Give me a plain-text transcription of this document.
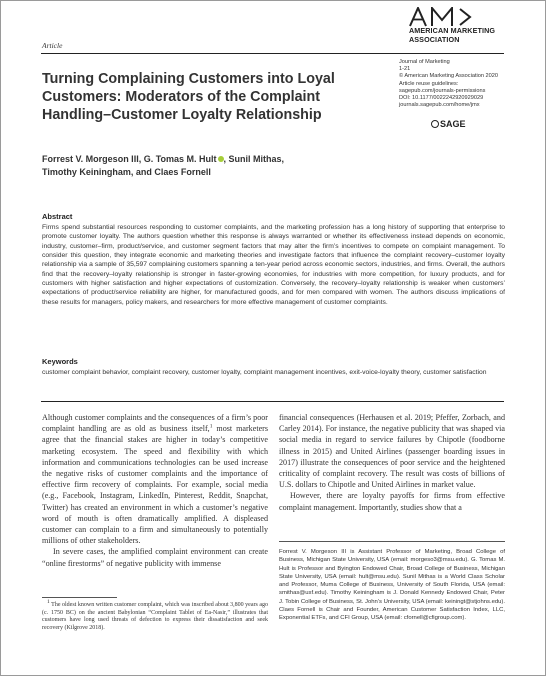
AMERICAN MARKETING
ASSOCIATION
Article
Journal of Marketing
1-21
© American Marketing Association 2020
Article reuse guidelines:
sagepub.com/journals-permissions
DOI: 10.1177/0022242920929029
journals.sagepub.com/home/jmx
SAGE
Turning Complaining Customers into Loyal Customers: Moderators of the Complaint Handling–Customer Loyalty Relationship
Forrest V. Morgeson III, G. Tomas M. Hult , Sunil Mithas,
Timothy Keiningham, and Claes Fornell
Abstract
Firms spend substantial resources responding to customer complaints, and the marketing profession has a long history of supporting that enterprise to promote customer loyalty. The authors question whether this response is always warranted or whether its effectiveness instead depends on economic, industry, customer–firm, product/service, and customer segment factors that may alter the firm’s incentives to compete on complaint management. To consider this question, they integrate economic and marketing theories and investigate factors that influence the complaint recovery–customer loyalty relationship via a sample of 35,597 complaining customers spanning a ten-year period across economic sectors, industries, and firms. Overall, the authors find that the recovery–loyalty relationship is stronger in faster-growing economies, for industries with more competition, for luxury products, and for customers with higher satisfaction and higher expectations of customization. Conversely, the recovery–loyalty relationship is weaker when customers’ expectations of product/service reliability are higher, for manufactured goods, and for men compared with women. The authors discuss implications of these results for managers, policy makers, and researchers for more effective management of customer complaints.
Keywords
customer complaint behavior, complaint recovery, customer loyalty, complaint management incentives, exit-voice-loyalty theory, customer satisfaction

Although customer complaints and the consequences of a firm’s poor complaint handling are as old as business itself,$^1$ most marketers agree that the financial stakes are higher in today’s competitive marketing ecosystem. The speed and flexibility with which information and communications technologies can be used increase the negative risks of customer complaints and the importance of effective firm recovery of complaints. For example, social media (e.g., Facebook, Instagram, LinkedIn, Pinterest, Reddit, Snapchat, Twitter) has created an environment in which a customer’s negative word of mouth is often dramatically amplified. A displeased customer can complain to a firm and simultaneously to potentially millions of other stakeholders.

In severe cases, the amplified complaint environment can create “online firestorms” of negative publicity with immense

financial consequences (Herhausen et al. 2019; Pfeffer, Zorbach, and Carley 2014). For instance, the negative publicity that was shaped via social media in regard to service failures by Chipotle (foodborne illness in 2015) and United Airlines (passenger boarding issues in 2017) illustrate the consequences of poor service and the heightened criticality of complaint recovery. The result was costs of billions of U.S. dollars to Chipotle and United Airlines in market value.

However, there are loyalty payoffs for firms from effective complaint management. Importantly, studies show that a

$^1$ The oldest known written customer complaint, which was inscribed about 3,800 years ago (c. 1750 BC) on the ancient Babylonian “Complaint Tablet of Ea-Nasir,” illustrates that customers have long used threats of defection to express their dissatisfaction and seek recovery (Kilgrove 2018).

Forrest V. Morgeson III is Assistant Professor of Marketing, Broad College of Business, Michigan State University, USA (email: morgeso3@msu.edu). G. Tomas M. Hult is Professor and Byington Endowed Chair, Broad College of Business, Michigan State University, USA (email: hult@msu.edu). Sunil Mithas is a World Class Scholar and Professor, Muma College of Business, University of South Florida, USA (email: smithas@usf.edu). Timothy Keiningham is J. Donald Kennedy Endowed Chair, Peter J. Tobin College of Business, St. John’s University, USA (email: keiningt@stjohns.edu). Claes Fornell is Chair and Founder, American Customer Satisfaction Index, LLC, Exponential ETFs, and CFI Group, USA (email: cfornell@cfigroup.com).
